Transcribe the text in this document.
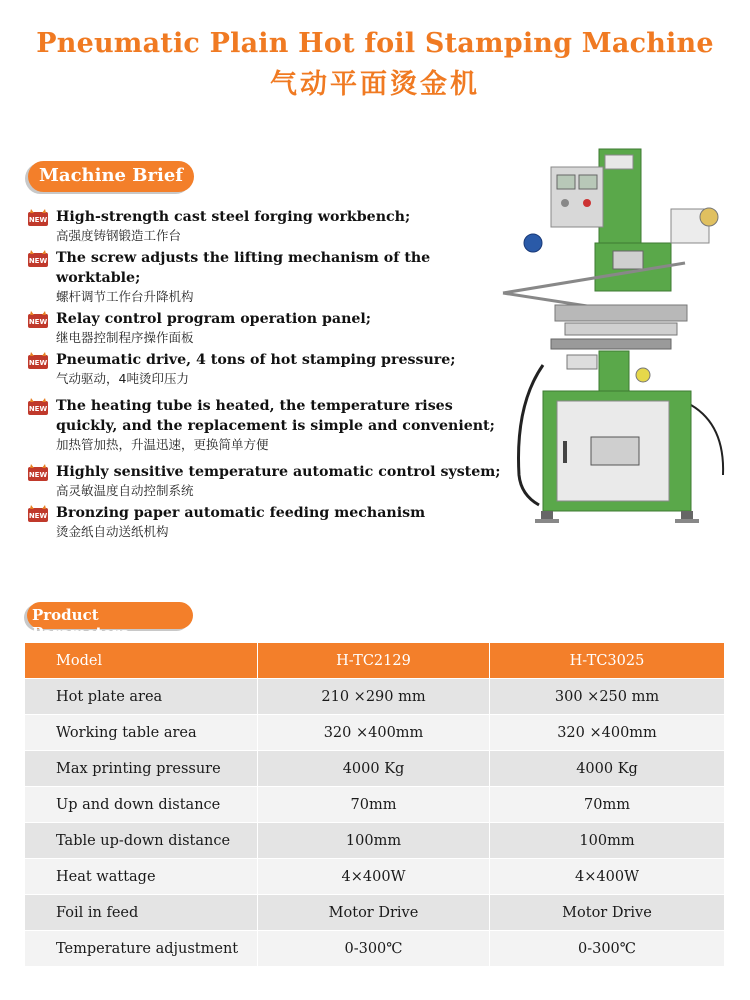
Pneumatic Plain Hot foil Stamping Machine
气动平面烫金机
Machine Brief
NEW High-strength cast steel forging workbench;
高强度铸钢锻造工作台
NEW The screw adjusts the lifting mechanism of the worktable;
螺杆调节工作台升降机构
NEW Relay control program operation panel;
继电器控制程序操作面板
NEW Pneumatic drive, 4 tons of hot stamping pressure;
气动驱动，4吨烫印压力
NEW The heating tube is heated, the temperature rises quickly, and the replacement is simple and convenient;
加热管加热，升温迅速，更换简单方便
NEW Highly sensitive temperature automatic control system;
高灵敏温度自动控制系统
NEW Bronzing paper automatic feeding mechanism
烫金纸自动送纸机构
Product Parameters
Model	H-TC2129	H-TC3025
Hot plate area	210 ×290 mm	300 ×250 mm
Working table area	320 ×400mm	320 ×400mm
Max printing pressure	4000 Kg	4000 Kg
Up and down distance	70mm	70mm
Table up-down distance	100mm	100mm
Heat wattage	4×400W	4×400W
Foil in feed	Motor Drive	Motor Drive
Temperature adjustment	0-300℃	0-300℃
